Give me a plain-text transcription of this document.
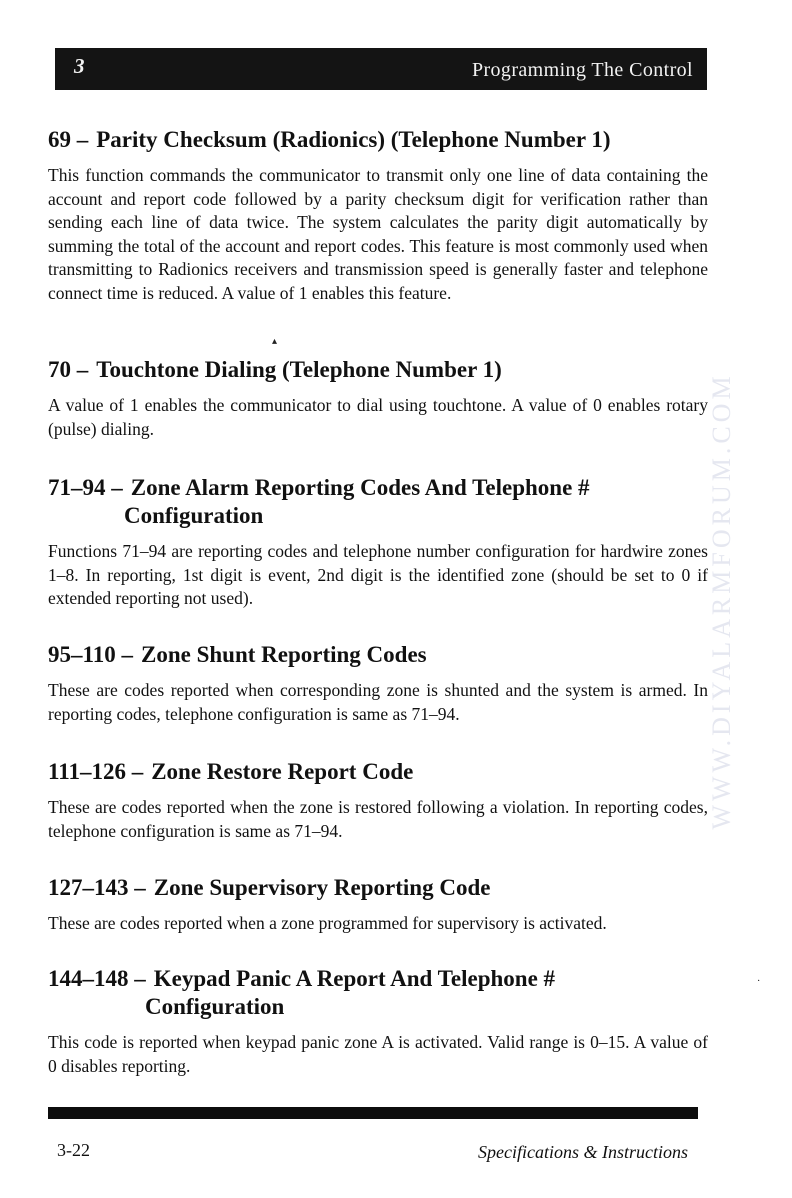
3	Programming The Control
69 – Parity Checksum (Radionics) (Telephone Number 1)

This function commands the communicator to transmit only one line of data containing the account and report code followed by a parity checksum digit for verification rather than sending each line of data twice. The system calculates the parity digit automatically by summing the total of the account and report codes. This feature is most commonly used when transmitting to Radionics receivers and transmission speed is generally faster and telephone connect time is reduced. A value of 1 enables this feature.

70 – Touchtone Dialing (Telephone Number 1)

A value of 1 enables the communicator to dial using touchtone. A value of 0 enables rotary (pulse) dialing.

71–94 – Zone Alarm Reporting Codes And Telephone #
Configuration

Functions 71–94 are reporting codes and telephone number configuration for hardwire zones 1–8. In reporting, 1st digit is event, 2nd digit is the identified zone (should be set to 0 if extended reporting not used).

95–110 – Zone Shunt Reporting Codes

These are codes reported when corresponding zone is shunted and the system is armed. In reporting codes, telephone configuration is same as 71–94.

111–126 – Zone Restore Report Code

These are codes reported when the zone is restored following a violation. In reporting codes, telephone configuration is same as 71–94.

127–143 – Zone Supervisory Reporting Code

These are codes reported when a zone programmed for supervisory is activated.

144–148 – Keypad Panic A Report And Telephone #
Configuration

This code is reported when keypad panic zone A is activated. Valid range is 0–15. A value of 0 disables reporting.

▴
·
WWW.DIYALARMFORUM.COM
3-22	Specifications & Instructions
